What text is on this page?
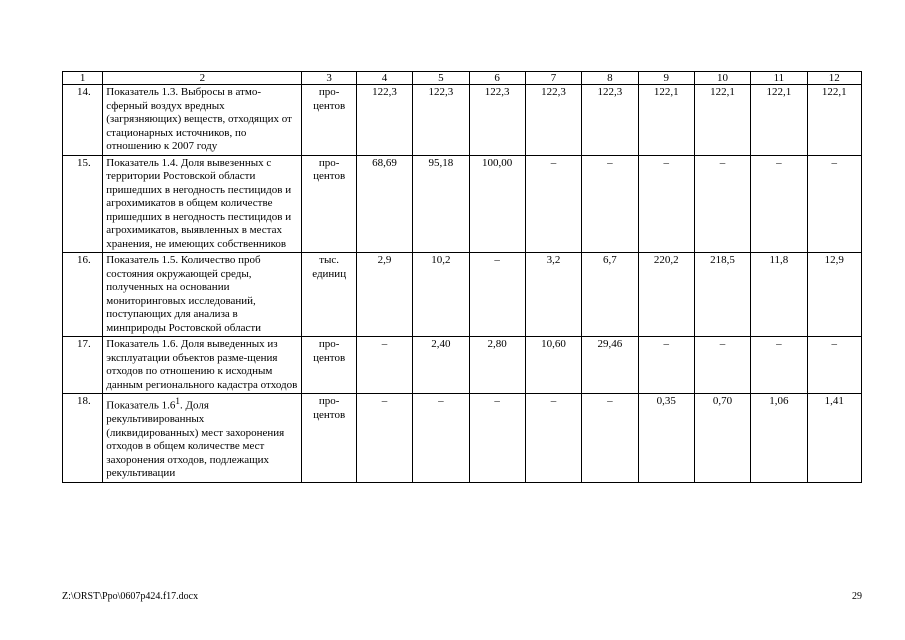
1	2	3	4	5	6	7	8	9	10	11	12
14.	Показатель 1.3. Выбросы в атмо-сферный воздух вредных (загрязняющих) веществ, отходящих от стационарных источников, по отношению к 2007 году	про-центов	122,3	122,3	122,3	122,3	122,3	122,1	122,1	122,1	122,1
15.	Показатель 1.4. Доля вывезенных с территории Ростовской области пришедших в негодность пестицидов и агрохимикатов в общем количестве пришедших в негодность пестицидов и агрохимикатов, выявленных в местах хранения, не имеющих собственников	про-центов	68,69	95,18	100,00	–	–	–	–	–	–
16.	Показатель 1.5. Количество проб состояния окружающей среды, полученных на основании мониторинговых исследований, поступающих для анализа в минприроды Ростовской области	тыс. единиц	2,9	10,2	–	3,2	6,7	220,2	218,5	11,8	12,9
17.	Показатель 1.6. Доля выведенных из эксплуатации объектов разме-щения отходов по отношению к исходным данным регионального кадастра отходов	про-центов	–	2,40	2,80	10,60	29,46	–	–	–	–
18.	Показатель $1.6^1$. Доля рекультивированных (ликвидированных) мест захоронения отходов в общем количестве мест захоронения отходов, подлежащих рекультивации	про-центов	–	–	–	–	–	0,35	0,70	1,06	1,41
Z:\ORST\Ppo\0607p424.f17.docx	29
